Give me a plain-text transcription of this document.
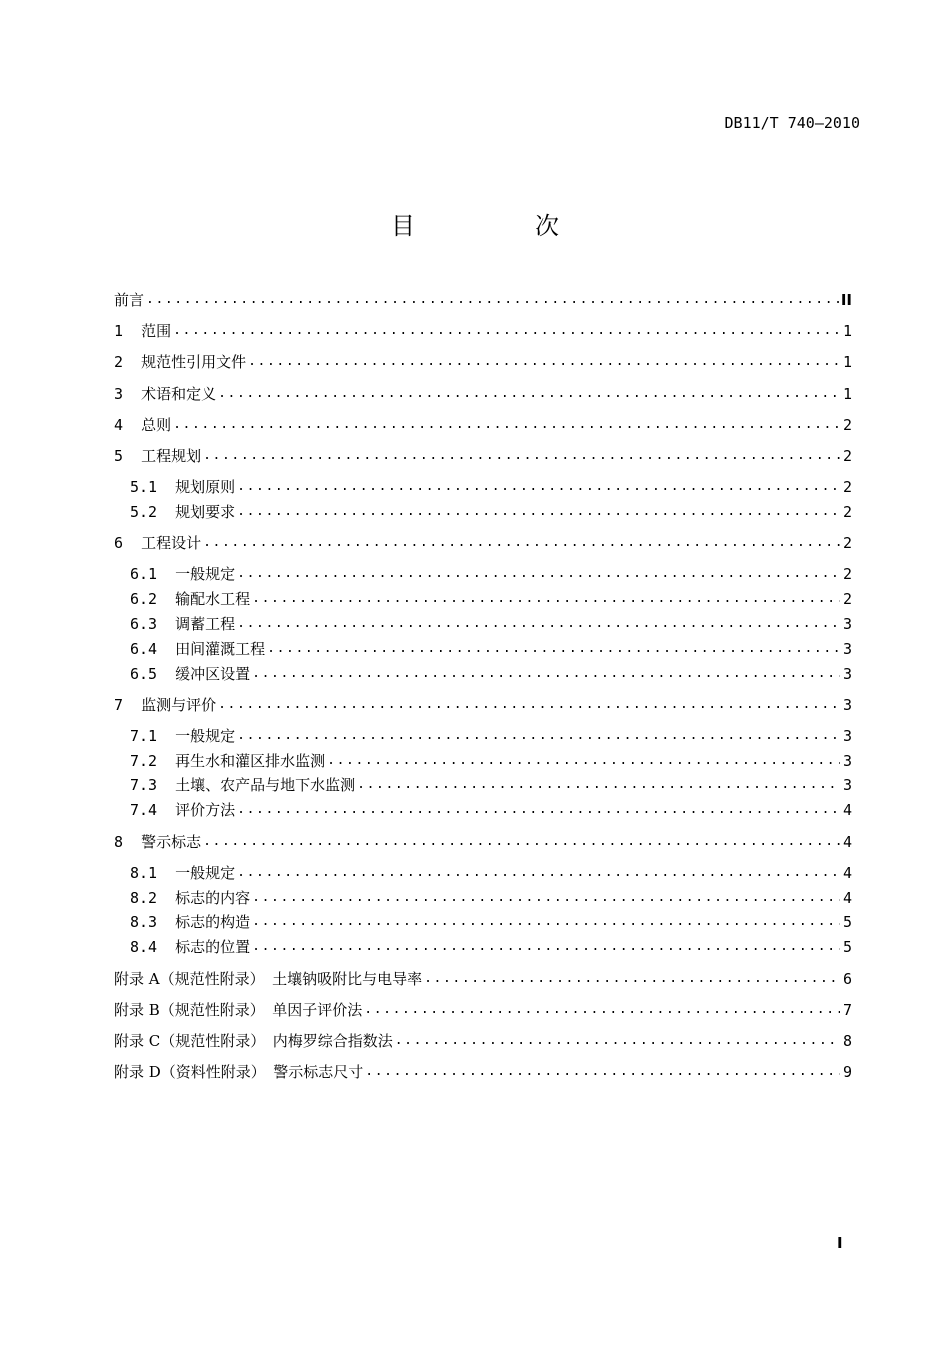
DB11/T 740—2010
目　次
前言 .....	II
1 范围 .....	1
2 规范性引用文件 .....	1
3 术语和定义 .....	1
4 总则 .....	2
5 工程规划 .....	2
5.1 规划原则 .....	2
5.2 规划要求 .....	2
6 工程设计 .....	2
6.1 一般规定 .....	2
6.2 输配水工程 .....	2
6.3 调蓄工程 .....	3
6.4 田间灌溉工程 .....	3
6.5 缓冲区设置 .....	3
7 监测与评价 .....	3
7.1 一般规定 .....	3
7.2 再生水和灌区排水监测 .....	3
7.3 土壤、农产品与地下水监测 .....	3
7.4 评价方法 .....	4
8 警示标志 .....	4
8.1 一般规定 .....	4
8.2 标志的内容 .....	4
8.3 标志的构造 .....	5
8.4 标志的位置 .....	5
附录 A（规范性附录）　土壤钠吸附比与电导率 .....	6
附录 B（规范性附录）　单因子评价法 .....	7
附录 C（规范性附录）　内梅罗综合指数法 .....	8
附录 D（资料性附录）　警示标志尺寸 .....	9
I
